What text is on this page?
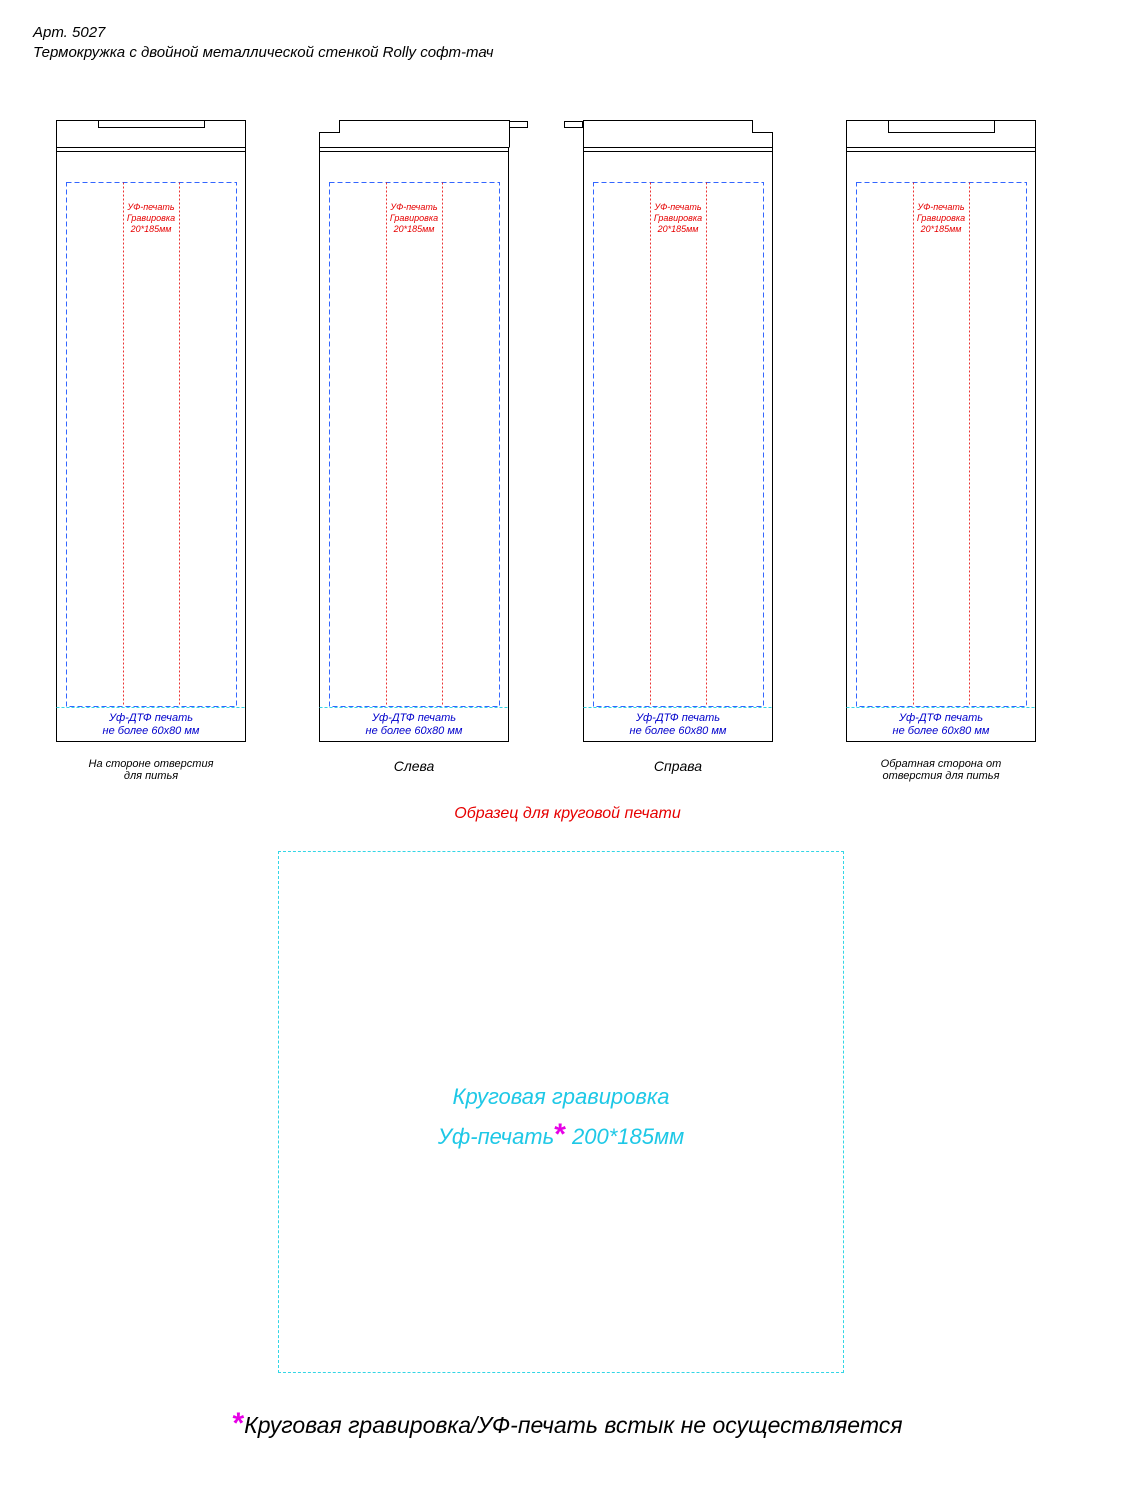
Арт. 5027
Термокружка с двойной металлической стенкой Rolly софт-тач
УФ-печать Гравировка 20*185мм
УФ-печать Гравировка 20*185мм
УФ-печать Гравировка 20*185мм
УФ-печать Гравировка 20*185мм
Уф-ДТФ печать
не более 60х80 мм
Уф-ДТФ печать
не более 60х80 мм
Уф-ДТФ печать
не более 60х80 мм
Уф-ДТФ печать
не более 60х80 мм
На стороне отверстия
для питья
Слева	Справа	Обратная сторона от
отверстия для питья
Образец для круговой печати
Круговая гравировка
Уф-печать* 200*185мм
*Круговая гравировка/УФ-печать встык не осуществляется
